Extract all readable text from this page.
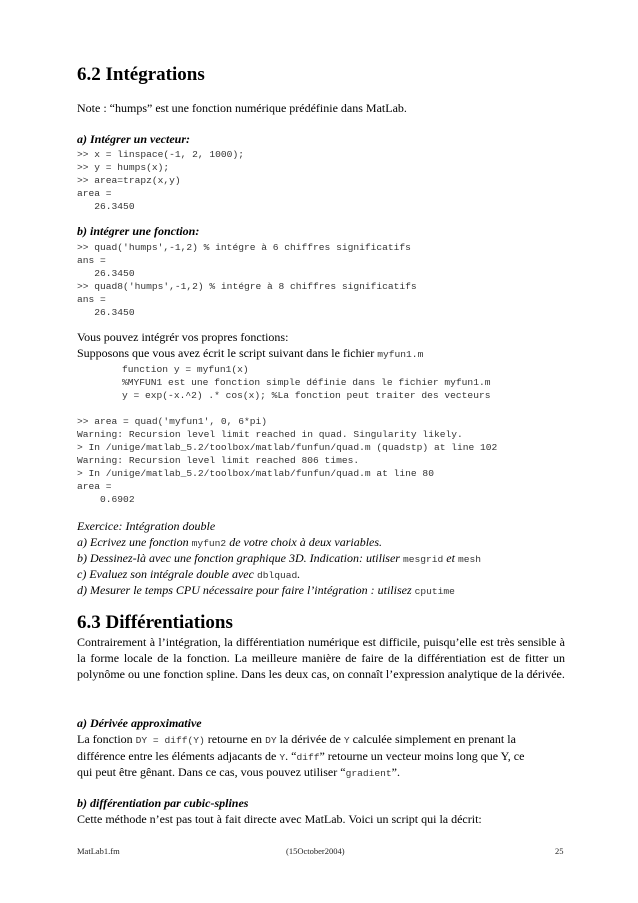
6.2 Intégrations

Note : “humps” est une fonction numérique prédéfinie dans MatLab.

a) Intégrer un vecteur:

>> x = linspace(-1, 2, 1000);
>> y = humps(x);
>> area=trapz(x,y)
area =
26.3450

b) intégrer une fonction:

>> quad('humps',-1,2) % intégre à 6 chiffres significatifs
ans =
26.3450
>> quad8('humps',-1,2) % intégre à 8 chiffres significatifs
ans =
26.3450

Vous pouvez intégrér vos propres fonctions:

Supposons que vous avez écrit le script suivant dans le fichier myfun1.m

function y = myfun1(x)
%MYFUN1 est une fonction simple définie dans le fichier myfun1.m
y = exp(-x.^2) .* cos(x); %La fonction peut traiter des vecteurs
>> area = quad('myfun1', 0, 6*pi)
Warning: Recursion level limit reached in quad. Singularity likely.
> In /unige/matlab_5.2/toolbox/matlab/funfun/quad.m (quadstp) at line 102
Warning: Recursion level limit reached 806 times.
> In /unige/matlab_5.2/toolbox/matlab/funfun/quad.m at line 80
area =
0.6902

Exercice: Intégration double

a) Ecrivez une fonction myfun2 de votre choix à deux variables.

b) Dessinez-là avec une fonction graphique 3D. Indication: utiliser mesgrid et mesh

c) Evaluez son intégrale double avec dblquad.

d) Mesurer le temps CPU nécessaire pour faire l’intégration : utilisez cputime

6.3 Différentiations

Contrairement à l’intégration, la différentiation numérique est difficile, puisqu’elle est très sensible à la forme locale de la fonction. La meilleure manière de faire de la différentiation est de fitter un polynôme ou une fonction spline. Dans les deux cas, on connaît l’expression analytique de la dérivée.

a) Dérivée approximative

La fonction DY = diff(Y) retourne en DY la dérivée de Y calculée simplement en prenant la

différence entre les éléments adjacants de Y. “diff” retourne un vecteur moins long que Y, ce

qui peut être gênant. Dans ce cas, vous pouvez utiliser “gradient”.

b) différentiation par cubic-splines

Cette méthode n’est pas tout à fait directe avec MatLab. Voici un script qui la décrit:

MatLab1.fm	(15October2004)	25
